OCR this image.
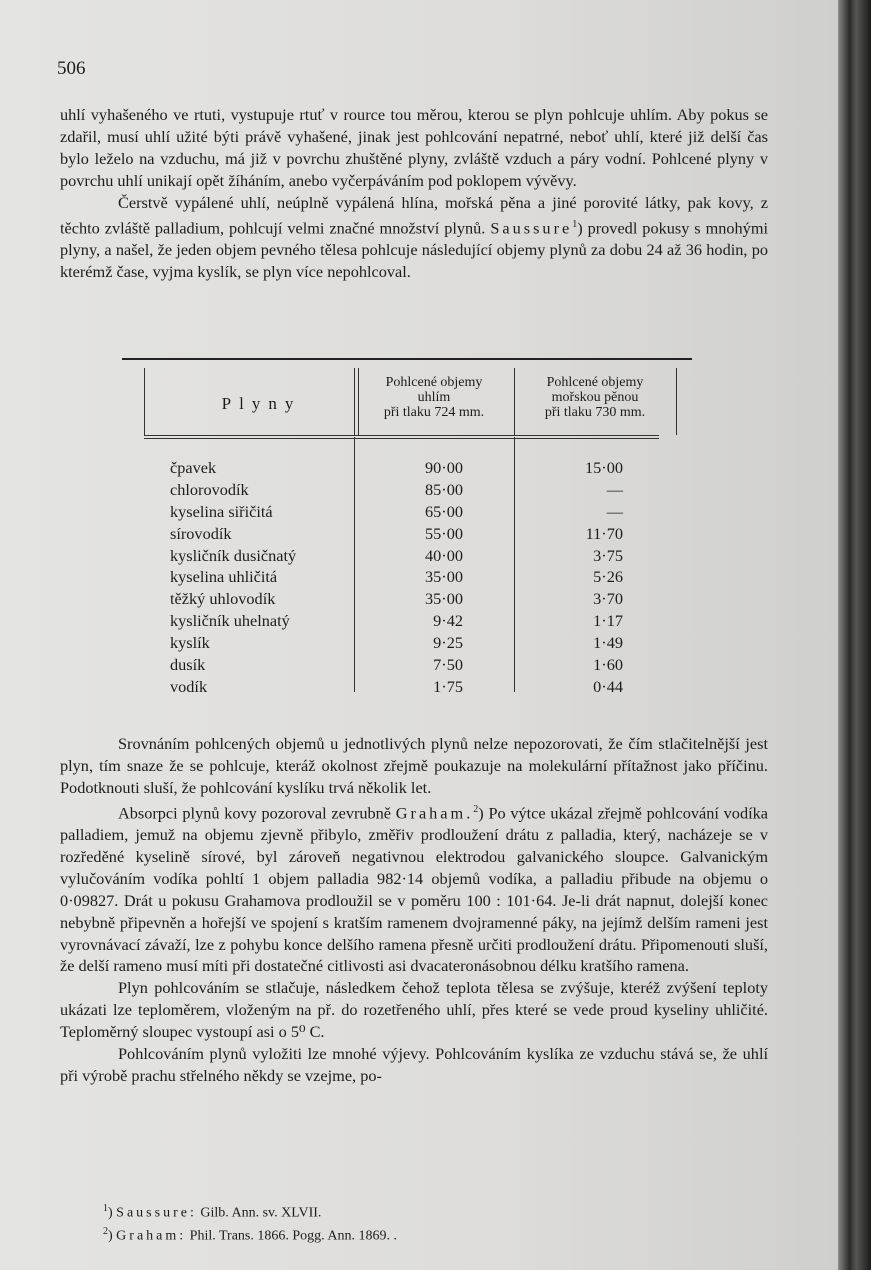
506

uhlí vyhašeného ve rtuti, vystupuje rtuť v rource tou měrou, kterou se plyn pohlcuje uhlím. Aby pokus se zdařil, musí uhlí užité býti právě vyhašené, jinak jest pohlcování nepatrné, neboť uhlí, které již delší čas bylo leželo na vzduchu, má již v povrchu zhuštěné plyny, zvláště vzduch a páry vodní. Pohlcené plyny v povrchu uhlí unikají opět žíháním, anebo vyčerpáváním pod poklopem vývěvy.

Čerstvě vypálené uhlí, neúplně vypálená hlína, mořská pěna a jiné porovité látky, pak kovy, z těchto zvláště palladium, pohlcují velmi značné množství plynů. Saussure$^1$) provedl pokusy s mnohými plyny, a našel, že jeden objem pevného tělesa pohlcuje následující objemy plynů za dobu 24 až 36 hodin, po kterémž čase, vyjma kyslík, se plyn více nepohlcoval.

Plyny
Pohlcené objemy
uhlím
při tlaku 724 mm.
Pohlcené objemy
mořskou pěnou
při tlaku 730 mm.
čpavek	90·00	15·00
chlorovodík	85·00	—
kyselina siřičitá	65·00	—
sírovodík	55·00	11·70
kysličník dusičnatý	40·00	3·75
kyselina uhličitá	35·00	5·26
těžký uhlovodík	35·00	3·70
kysličník uhelnatý	9·42	1·17
kyslík	9·25	1·49
dusík	7·50	1·60
vodík	1·75	0·44

Srovnáním pohlcených objemů u jednotlivých plynů nelze nepozorovati, že čím stlačitelnější jest plyn, tím snaze že se pohlcuje, kteráž okolnost zřejmě poukazuje na molekulární přítažnost jako příčinu. Podotknouti sluší, že pohlcování kyslíku trvá několik let.

Absorpci plynů kovy pozoroval zevrubně Graham.$^2$) Po výtce ukázal zřejmě pohlcování vodíka palladiem, jemuž na objemu zjevně přibylo, změřiv prodloužení drátu z palladia, který, nacházeje se v rozředěné kyselině sírové, byl zároveň negativnou elektrodou galvanického sloupce. Galvanickým vylučováním vodíka pohltí 1 objem palladia 982·14 objemů vodíka, a palladiu přibude na objemu o 0·09827. Drát u pokusu Grahamova prodloužil se v poměru 100 : 101·64. Je-li drát napnut, dolejší konec nebybně připevněn a hořejší ve spojení s kratším ramenem dvojramenné páky, na jejímž delším rameni jest vyrovnávací závaží, lze z pohybu konce delšího ramena přesně určiti prodloužení drátu. Připomenouti sluší, že delší rameno musí míti při dostatečné citlivosti asi dvacateronásobnou délku kratšího ramena.

Plyn pohlcováním se stlačuje, následkem čehož teplota tělesa se zvýšuje, kteréž zvýšení teploty ukázati lze teploměrem, vloženým na př. do rozetřeného uhlí, přes které se vede proud kyseliny uhličité. Teploměrný sloupec vystoupí asi o 5⁰ C.

Pohlcováním plynů vyložiti lze mnohé výjevy. Pohlcováním kyslíka ze vzduchu stává se, že uhlí při výrobě prachu střelného někdy se vzejme, po-

$^1$) Saussure: Gilb. Ann. sv. XLVII.

$^2$) Graham: Phil. Trans. 1866. Pogg. Ann. 1869. .
